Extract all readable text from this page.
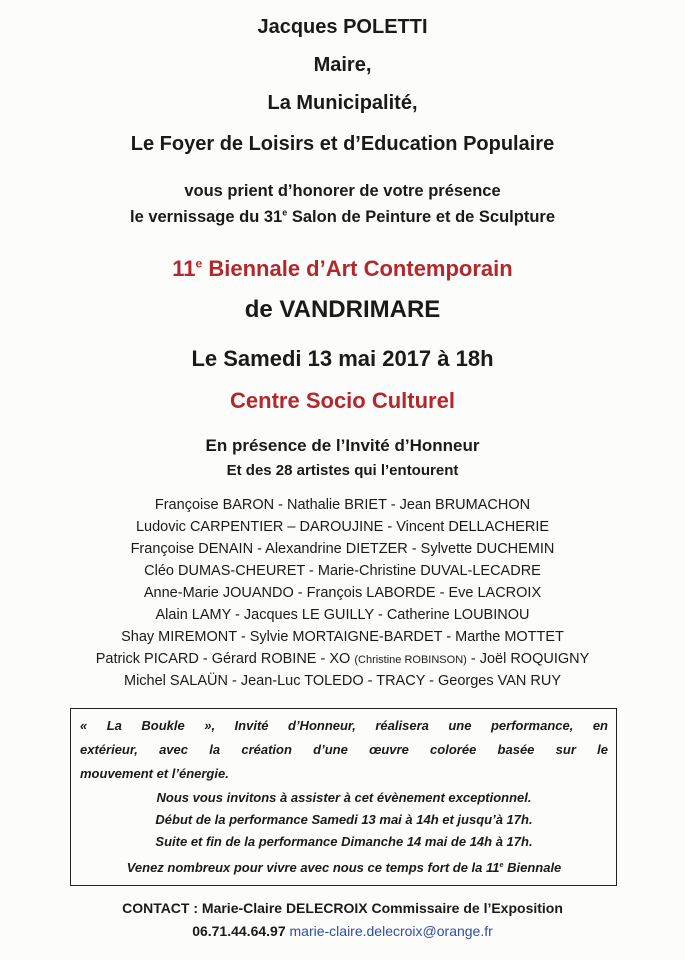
Jacques POLETTI
Maire,
La Municipalité,
Le Foyer de Loisirs et d’Education Populaire
vous prient d’honorer de votre présence
le vernissage du 31e Salon de Peinture et de Sculpture
11e Biennale d’Art Contemporain
de VANDRIMARE
Le Samedi 13 mai 2017 à 18h
Centre Socio Culturel
En présence de l’Invité d’Honneur
Et des 28 artistes qui l’entourent
Françoise BARON - Nathalie BRIET - Jean BRUMACHON
Ludovic CARPENTIER – DAROUJINE - Vincent DELLACHERIE
Françoise DENAIN - Alexandrine DIETZER - Sylvette DUCHEMIN
Cléo DUMAS-CHEURET - Marie-Christine DUVAL-LECADRE
Anne-Marie JOUANDO - François LABORDE - Eve LACROIX
Alain LAMY - Jacques LE GUILLY - Catherine LOUBINOU
Shay MIREMONT - Sylvie MORTAIGNE-BARDET - Marthe MOTTET
Patrick PICARD - Gérard ROBINE - XO (Christine ROBINSON) - Joël ROQUIGNY
Michel SALAÜN - Jean-Luc TOLEDO - TRACY - Georges VAN RUY
« La Boukle », Invité d’Honneur, réalisera une performance, en
extérieur, avec la création d’une œuvre colorée basée sur le
mouvement et l’énergie.
Nous vous invitons à assister à cet évènement exceptionnel.
Début de la performance Samedi 13 mai à 14h et jusqu’à 17h.
Suite et fin de la performance Dimanche 14 mai de 14h à 17h.
Venez nombreux pour vivre avec nous ce temps fort de la 11e Biennale
CONTACT : Marie-Claire DELECROIX Commissaire de l’Exposition
06.71.44.64.97 marie-claire.delecroix@orange.fr
